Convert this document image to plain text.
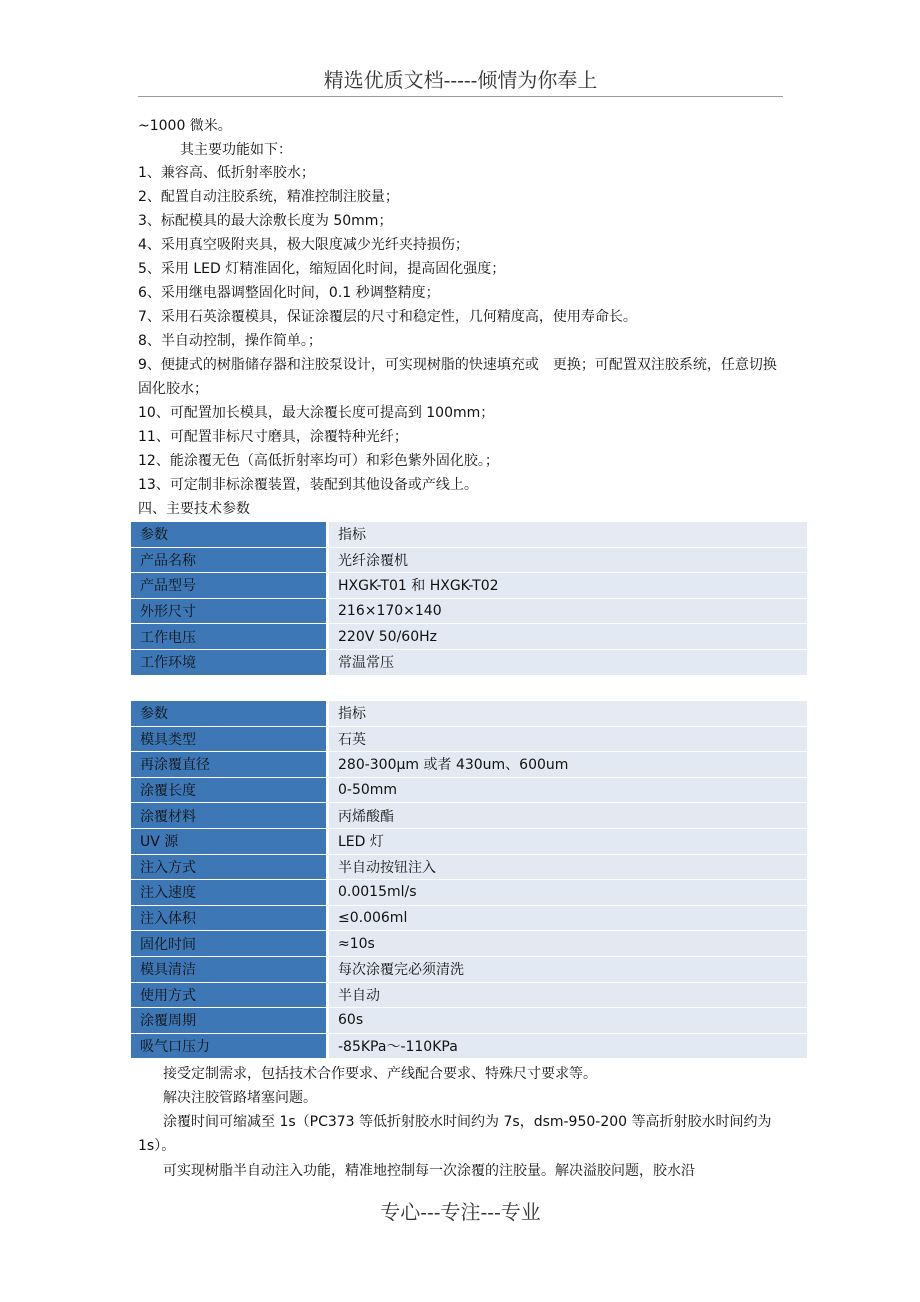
精选优质文档-----倾情为你奉上
~1000 微米。
其主要功能如下：
1、兼容高、低折射率胶水；
2、配置自动注胶系统，精准控制注胶量；
3、标配模具的最大涂敷长度为 50mm；
4、采用真空吸附夹具，极大限度减少光纤夹持损伤；
5、采用 LED 灯精准固化，缩短固化时间，提高固化强度；
6、采用继电器调整固化时间，0.1 秒调整精度；
7、采用石英涂覆模具，保证涂覆层的尺寸和稳定性，几何精度高，使用寿命长。
8、半自动控制，操作简单。；
9、便捷式的树脂储存器和注胶泵设计，可实现树脂的快速填充或　更换；可配置双注胶系统，任意切换固化胶水；
10、可配置加长模具，最大涂覆长度可提高到 100mm；
11、可配置非标尺寸磨具，涂覆特种光纤；
12、能涂覆无色（高低折射率均可）和彩色紫外固化胶。；
13、可定制非标涂覆装置，装配到其他设备或产线上。
四、主要技术参数
参数	指标
产品名称	光纤涂覆机
产品型号	HXGK-T01 和 HXGK-T02
外形尺寸	216×170×140
工作电压	220V 50/60Hz
工作环境	常温常压
参数	指标
模具类型	石英
再涂覆直径	280-300μm 或者 430um、600um
涂覆长度	0-50mm
涂覆材料	丙烯酸酯
UV 源	LED 灯
注入方式	半自动按钮注入
注入速度	0.0015ml/s
注入体积	≤0.006ml
固化时间	≈10s
模具清洁	每次涂覆完必须清洗
使用方式	半自动
涂覆周期	60s
吸气口压力	-85KPa～-110KPa
接受定制需求，包括技术合作要求、产线配合要求、特殊尺寸要求等。
解决注胶管路堵塞问题。
涂覆时间可缩减至 1s（PC373 等低折射胶水时间约为 7s，dsm-950-200 等高折射胶水时间约为 1s）。
可实现树脂半自动注入功能，精准地控制每一次涂覆的注胶量。解决溢胶问题，胶水沿
专心---专注---专业
